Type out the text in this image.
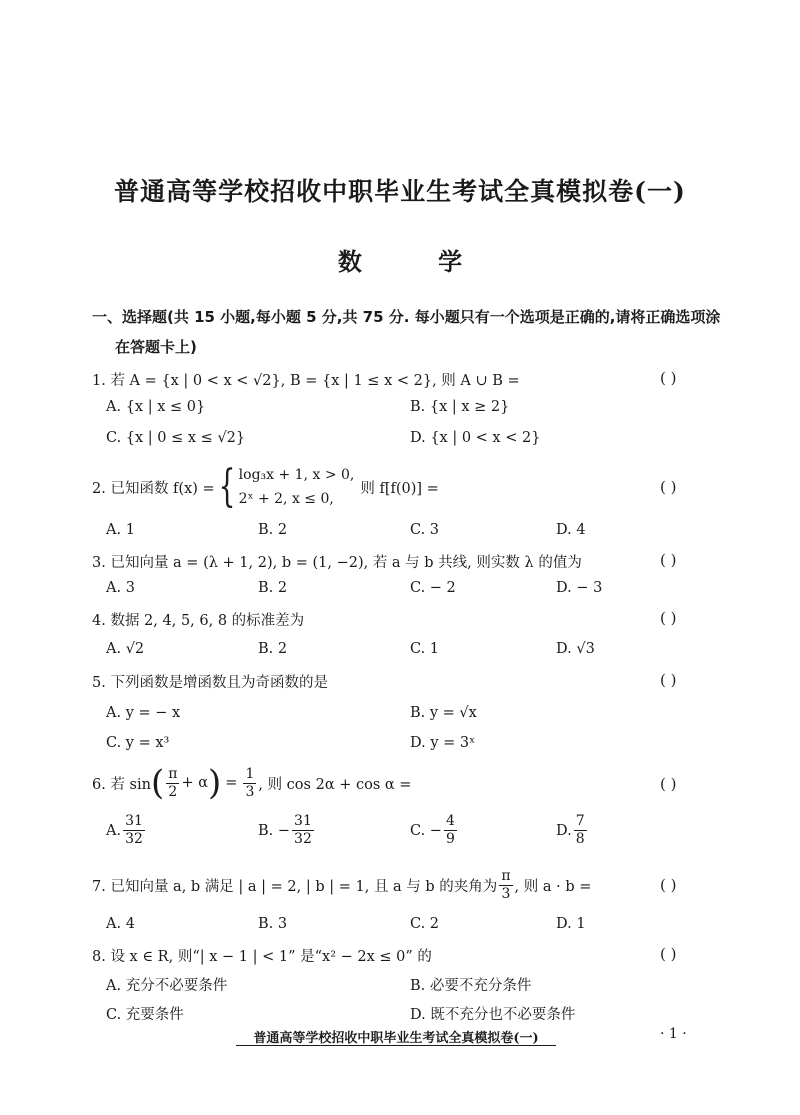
普通高等学校招收中职毕业生考试全真模拟卷(一)
数 学
一、选择题(共 15 小题,每小题 5 分,共 75 分. 每小题只有一个选项是正确的,请将正确选项涂
在答题卡上)
1. 若 A = {x | 0 < x < √2}, B = {x | 1 ≤ x < 2}, 则 A ∪ B =	( )
A. {x | x ≤ 0}	B. {x | x ≥ 2}
C. {x | 0 ≤ x ≤ √2}	D. {x | 0 < x < 2}
2. 已知函数 f(x) = { log₃x + 1, x > 0,
2ˣ + 2, x ≤ 0,
则 f[f(0)] =	( )
A. 1	B. 2	C. 3	D. 4
3. 已知向量 a = (λ + 1, 2), b = (1, −2), 若 a 与 b 共线, 则实数 λ 的值为	( )
A. 3	B. 2	C. − 2	D. − 3
4. 数据 2, 4, 5, 6, 8 的标准差为	( )
A. √2	B. 2	C. 1	D. √3
5. 下列函数是增函数且为奇函数的是	( )
A. y = − x	B. y = √x
C. y = x³	D. y = 3ˣ
6. 若 sin ( $\frac{\pi}{2} + \alpha$ ) = $\frac{1}{3}$ , 则 cos 2α + cos α =	( )
A. $\frac{31}{32}$	B. − $\frac{31}{32}$	C. − $\frac{4}{9}$	D. $\frac{7}{8}$
7. 已知向量 a, b 满足 | a | = 2, | b | = 1, 且 a 与 b 的夹角为 $\frac{\pi}{3}$ , 则 a · b =	( )
A. 4	B. 3	C. 2	D. 1
8. 设 x ∈ R, 则“| x − 1 | < 1” 是“x² − 2x ≤ 0” 的	( )
A. 充分不必要条件	B. 必要不充分条件
C. 充要条件	D. 既不充分也不必要条件
普通高等学校招收中职毕业生考试全真模拟卷(一)	· 1 ·
